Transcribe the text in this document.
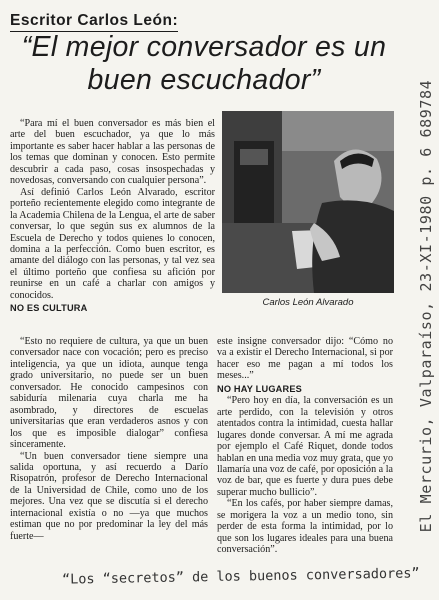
Escritor Carlos León:
“El mejor conversador es un buen escuchador”

“Para mí el buen conversador es más bien el arte del buen escuchador, ya que lo más importante es saber hacer hablar a las personas de los temas que dominan y conocen. Esto permite descubrir a cada paso, cosas insospechadas y novedosas, conversando con cualquier persona”.

Así definió Carlos León Alvarado, escritor porteño recientemente elegido como integrante de la Academia Chilena de la Lengua, el arte de saber conversar, lo que según sus ex alumnos de la Escuela de Derecho y todos quienes lo conocen, domina a la perfección. Como buen escritor, es amante del diálogo con las personas, y tal vez sea el último porteño que confiesa su afición por reunirse en un café a charlar con amigos y conocidos.

NO ES CULTURA
Carlos León Alvarado

“Esto no requiere de cultura, ya que un buen conversador nace con vocación; pero es preciso inteligencia, ya que un idiota, aunque tenga grado universitario, no puede ser un buen conversador. He conocido campesinos con sabiduría milenaria cuya charla me ha asombrado, y directores de escuelas universitarias que eran verdaderos asnos y con los que es imposible dialogar” confiesa sinceramente.

“Un buen conversador tiene siempre una salida oportuna, y así recuerdo a Darío Risopatrón, profesor de Derecho Internacional de la Universidad de Chile, como uno de los mejores. Una vez que se discutía si el derecho internacional existía o no —ya que muchos estiman que no por predominar la ley del más fuerte—

este insigne conversador dijo: “Cómo no va a existir el Derecho Internacional, si por hacer eso me pagan a mí todos los meses...”

NO HAY LUGARES

“Pero hoy en día, la conversación es un arte perdido, con la televisión y otros atentados contra la intimidad, cuesta hallar lugares donde conversar. A mí me agrada por ejemplo el Café Riquet, donde todos hablan en una media voz muy grata, que yo llamaría una voz de café, por oposición a la voz de bar, que es fuerte y dura pues debe superar mucho bullicio”.

“En los cafés, por haber siempre damas, se morigera la voz a un medio tono, sin perder de esta forma la intimidad, por lo que son los lugares ideales para una buena conversación”.

El Mercurio, Valparaíso, 23-XI-1980 p. 6 689784
“Los “secretos” de los buenos conversadores”
